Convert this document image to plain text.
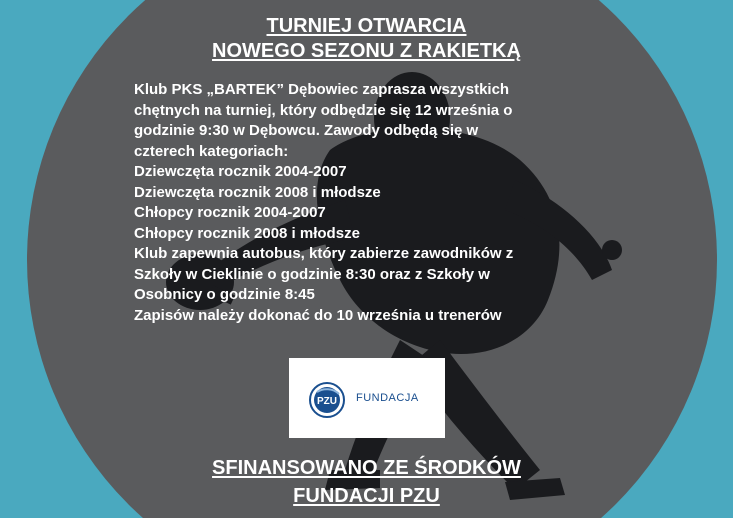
TURNIEJ OTWARCIA
NOWEGO SEZONU Z RAKIETKĄ
Klub PKS „BARTEK” Dębowiec zaprasza wszystkich
chętnych na turniej, który odbędzie się 12 września o
godzinie 9:30 w Dębowcu. Zawody odbędą się w
czterech kategoriach:
Dziewczęta rocznik 2004-2007
Dziewczęta rocznik 2008 i młodsze
Chłopcy rocznik 2004-2007
Chłopcy rocznik 2008 i młodsze
Klub zapewnia autobus, który zabierze zawodników z
Szkoły w Cieklinie o godzinie 8:30 oraz z Szkoły w
Osobnicy o godzinie 8:45
Zapisów należy dokonać do 10 września u trenerów
PZU FUNDACJA
SFINANSOWANO ZE ŚRODKÓW
FUNDACJI PZU
